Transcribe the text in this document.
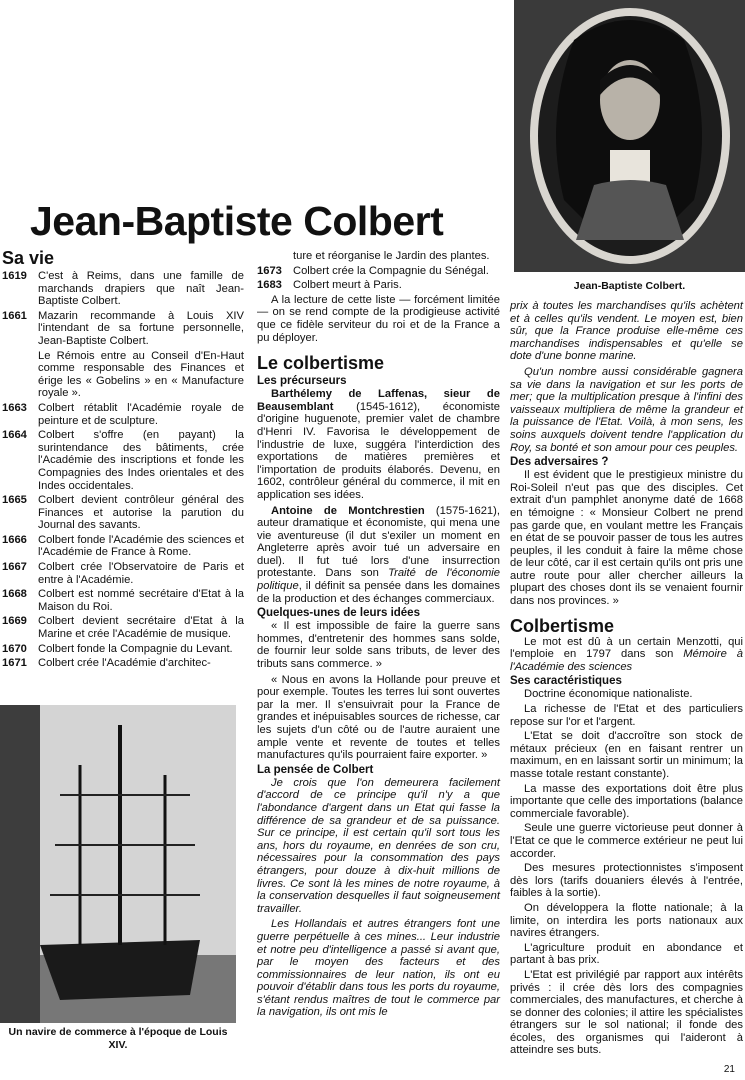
Jean-Baptiste Colbert.
Jean-Baptiste Colbert
Sa vie
1619 C'est à Reims, dans une famille de marchands drapiers que naît Jean-Baptiste Colbert.
1661 Mazarin recommande à Louis XIV l'intendant de sa fortune personnelle, Jean-Baptiste Colbert.
Le Rémois entre au Conseil d'En-Haut comme responsable des Finances et érige les « Gobelins » en « Manufacture royale ».
1663 Colbert rétablit l'Académie royale de peinture et de sculpture.
1664 Colbert s'offre (en payant) la surintendance des bâtiments, crée l'Académie des inscriptions et fonde les Compagnies des Indes orientales et des Indes occidentales.
1665 Colbert devient contrôleur général des Finances et autorise la parution du Journal des savants.
1666 Colbert fonde l'Académie des sciences et l'Académie de France à Rome.
1667 Colbert crée l'Observatoire de Paris et entre à l'Académie.
1668 Colbert est nommé secrétaire d'Etat à la Maison du Roi.
1669 Colbert devient secrétaire d'Etat à la Marine et crée l'Académie de musique.
1670 Colbert fonde la Compagnie du Levant.
1671 Colbert crée l'Académie d'architec-
Un navire de commerce à l'époque de Louis XIV.
ture et réorganise le Jardin des plantes.
1673 Colbert crée la Compagnie du Sénégal.
1683 Colbert meurt à Paris.

A la lecture de cette liste — forcément limitée — on se rend compte de la prodigieuse activité que ce fidèle serviteur du roi et de la France a pu déployer.

Le colbertisme
Les précurseurs

Barthélemy de Laffenas, sieur de Beausemblant (1545-1612), économiste d'origine huguenote, premier valet de chambre d'Henri IV. Favorisa le développement de l'industrie de luxe, suggéra l'interdiction des exportations de matières premières et l'importation de produits élaborés. Devenu, en 1602, contrôleur général du commerce, il mit en application ses idées.

Antoine de Montchrestien (1575-1621), auteur dramatique et économiste, qui mena une vie aventureuse (il dut s'exiler un moment en Angleterre après avoir tué un adversaire en duel). Il fut tué lors d'une insurrection protestante. Dans son Traité de l'économie politique, il définit sa pensée dans les domaines de la production et des échanges commerciaux.

Quelques-unes de leurs idées

« Il est impossible de faire la guerre sans hommes, d'entretenir des hommes sans solde, de fournir leur solde sans tributs, de lever des tributs sans commerce. »

« Nous en avons la Hollande pour preuve et pour exemple. Toutes les terres lui sont ouvertes par la mer. Il s'ensuivrait pour la France de grandes et inépuisables sources de richesse, car les sujets d'un côté ou de l'autre auraient une ample vente et revente de toutes et telles manufactures qu'ils pourraient faire exporter. »

La pensée de Colbert

Je crois que l'on demeurera facilement d'accord de ce principe qu'il n'y a que l'abondance d'argent dans un Etat qui fasse la différence de sa grandeur et de sa puissance. Sur ce principe, il est certain qu'il sort tous les ans, hors du royaume, en denrées de son cru, nécessaires pour la consommation des pays étrangers, pour douze à dix-huit millions de livres. Ce sont là les mines de notre royaume, à la conservation desquelles il faut soigneusement travailler.

Les Hollandais et autres étrangers font une guerre perpétuelle à ces mines... Leur industrie et notre peu d'intelligence a passé si avant que, par le moyen des facteurs et des commissionnaires de leur nation, ils ont eu pouvoir d'établir dans tous les ports du royaume, s'étant rendus maîtres de tout le commerce par la navigation, ils ont mis le

prix à toutes les marchandises qu'ils achètent et à celles qu'ils vendent. Le moyen est, bien sûr, que la France produise elle-même ces marchandises indispensables et qu'elle se dote d'une bonne marine.

Qu'un nombre aussi considérable gagnera sa vie dans la navigation et sur les ports de mer; que la multiplication presque à l'infini des vaisseaux multipliera de même la grandeur et la puissance de l'Etat. Voilà, à mon sens, les soins auxquels doivent tendre l'application du Roy, sa bonté et son amour pour ces peuples.

Des adversaires ?

Il est évident que le prestigieux ministre du Roi-Soleil n'eut pas que des disciples. Cet extrait d'un pamphlet anonyme daté de 1668 en témoigne : « Monsieur Colbert ne prend pas garde que, en voulant mettre les Français en état de se pouvoir passer de tous les autres peuples, il les conduit à faire la même chose de leur côté, car il est certain qu'ils ont pris une autre route pour aller chercher ailleurs la plupart des choses dont ils se venaient fournir dans nos provinces. »

Colbertisme

Le mot est dû à un certain Menzotti, qui l'emploie en 1797 dans son Mémoire à l'Académie des sciences

Ses caractéristiques

Doctrine économique nationaliste.

La richesse de l'Etat et des particuliers repose sur l'or et l'argent.

L'Etat se doit d'accroître son stock de métaux précieux (en en faisant rentrer un maximum, en en laissant sortir un minimum; la masse totale restant constante).

La masse des exportations doit être plus importante que celle des importations (balance commerciale favorable).

Seule une guerre victorieuse peut donner à l'Etat ce que le commerce extérieur ne peut lui accorder.

Des mesures protectionnistes s'imposent dès lors (tarifs douaniers élevés à l'entrée, faibles à la sortie).

On développera la flotte nationale; à la limite, on interdira les ports nationaux aux navires étrangers.

L'agriculture produit en abondance et partant à bas prix.

L'Etat est privilégié par rapport aux intérêts privés : il crée dès lors des compagnies commerciales, des manufactures, et cherche à se donner des colonies; il attire les spécialistes étrangers sur le sol national; il fonde des écoles, des organismes qui l'aideront à atteindre ses buts.

21
